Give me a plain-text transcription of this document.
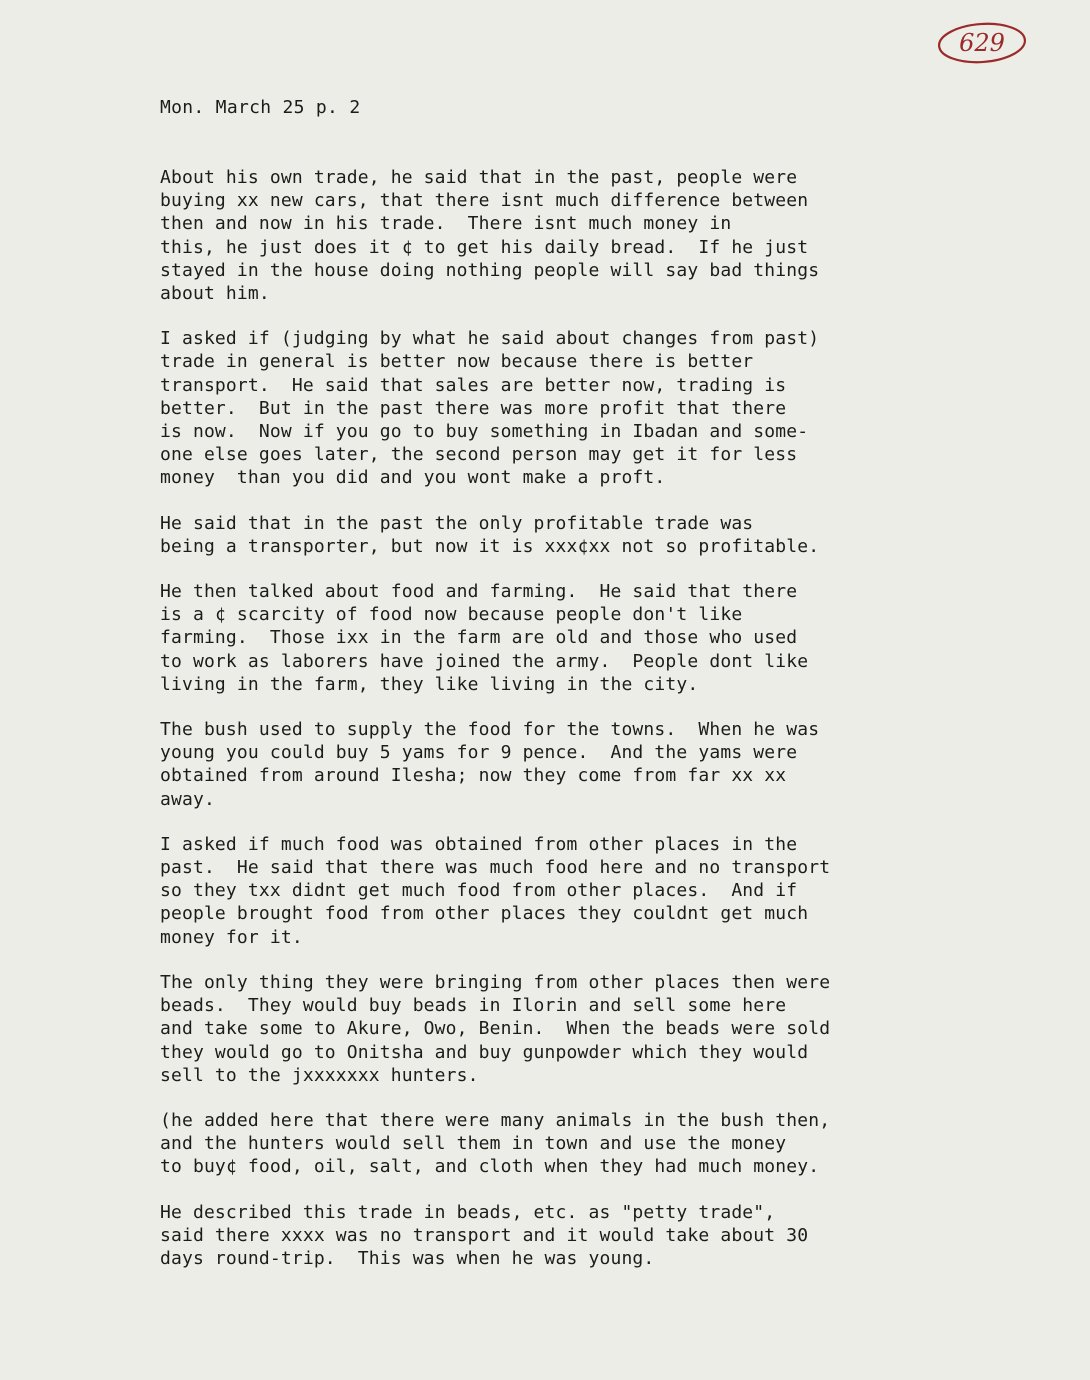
629
Mon. March 25 p. 2
About his own trade, he said that in the past, people were
buying xx new cars, that there isnt much difference between
then and now in his trade.  There isnt much money in
this, he just does it ¢ to get his daily bread.  If he just
stayed in the house doing nothing people will say bad things
about him.
I asked if (judging by what he said about changes from past)
trade in general is better now because there is better
transport.  He said that sales are better now, trading is
better.  But in the past there was more profit that there
is now.  Now if you go to buy something in Ibadan and some-
one else goes later, the second person may get it for less
money  than you did and you wont make a proft.
He said that in the past the only profitable trade was
being a transporter, but now it is xxx¢xx not so profitable.
He then talked about food and farming.  He said that there
is a ¢ scarcity of food now because people don't like
farming.  Those ixx in the farm are old and those who used
to work as laborers have joined the army.  People dont like
living in the farm, they like living in the city.
The bush used to supply the food for the towns.  When he was
young you could buy 5 yams for 9 pence.  And the yams were
obtained from around Ilesha; now they come from far xx xx
away.
I asked if much food was obtained from other places in the
past.  He said that there was much food here and no transport
so they txx didnt get much food from other places.  And if
people brought food from other places they couldnt get much
money for it.
The only thing they were bringing from other places then were
beads.  They would buy beads in Ilorin and sell some here
and take some to Akure, Owo, Benin.  When the beads were sold
they would go to Onitsha and buy gunpowder which they would
sell to the jxxxxxxx hunters.
(he added here that there were many animals in the bush then,
and the hunters would sell them in town and use the money
to buy¢ food, oil, salt, and cloth when they had much money.
He described this trade in beads, etc. as "petty trade",
said there xxxx was no transport and it would take about 30
days round-trip.  This was when he was young.
